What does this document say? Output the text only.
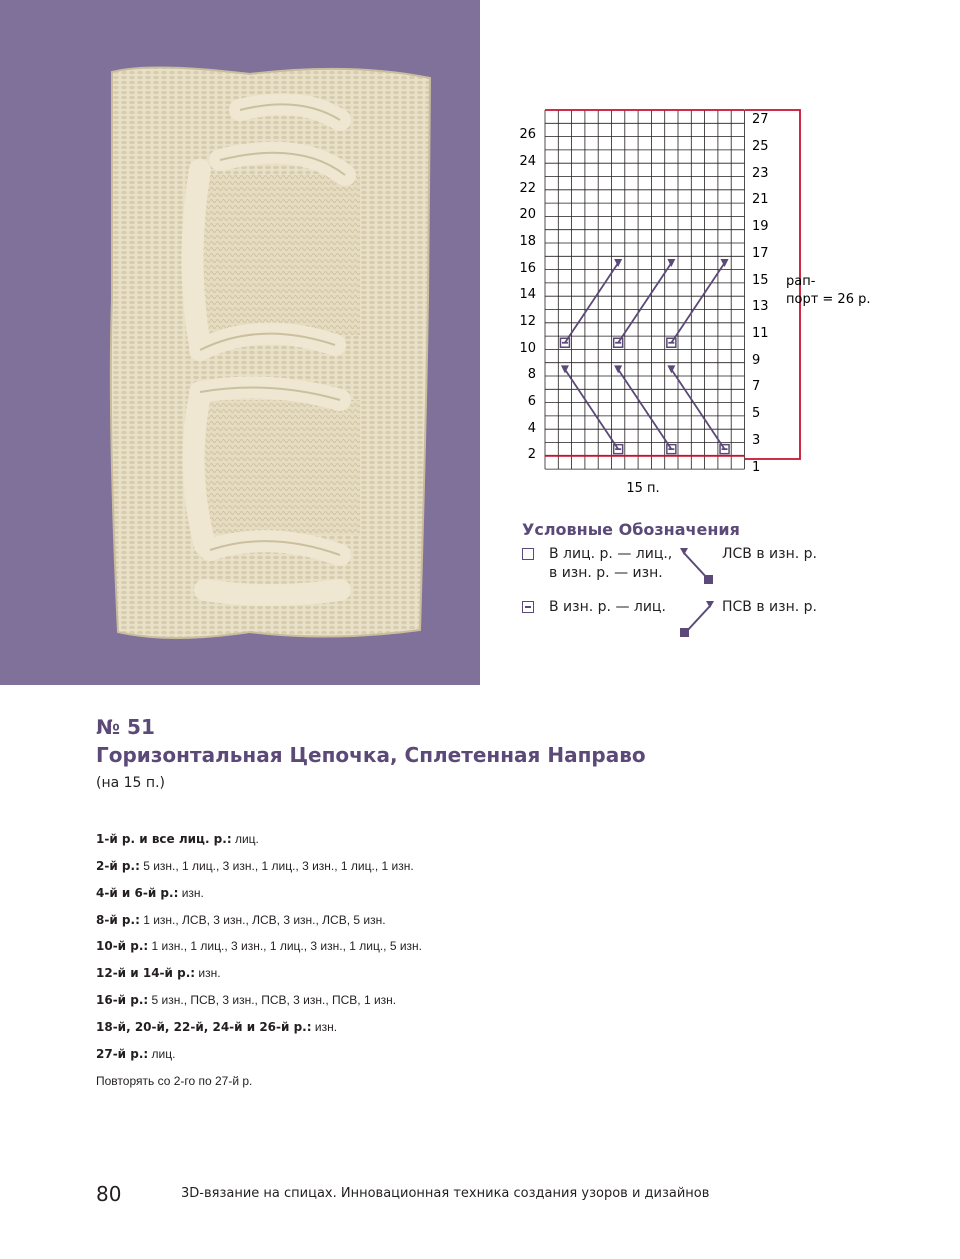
26
24
22
20
18
16
14
12
10
8
6
4
2
27
25
23
21
19
17
15
13
11
9
7
5
3
1
15 п.
рап-
порт = 26 р.
Условные Обозначения
В лиц. р. — лиц.,
в изн. р. — изн.
В изн. р. — лиц.
ЛСВ в изн. р.
ПСВ в изн. р.
№ 51
Горизонтальная Цепочка, Сплетенная Направо
(на 15 п.)
1-й р. и все лиц. р.: лиц.
2-й р.: 5 изн., 1 лиц., 3 изн., 1 лиц., 3 изн., 1 лиц., 1 изн.
4-й и 6-й р.: изн.
8-й р.: 1 изн., ЛСВ, 3 изн., ЛСВ, 3 изн., ЛСВ, 5 изн.
10-й р.: 1 изн., 1 лиц., 3 изн., 1 лиц., 3 изн., 1 лиц., 5 изн.
12-й и 14-й р.: изн.
16-й р.: 5 изн., ПСВ, 3 изн., ПСВ, 3 изн., ПСВ, 1 изн.
18-й, 20-й, 22-й, 24-й и 26-й р.: изн.
27-й р.: лиц.
Повторять со 2-го по 27-й р.
80	3D-вязание на спицах. Инновационная техника создания узоров и дизайнов
